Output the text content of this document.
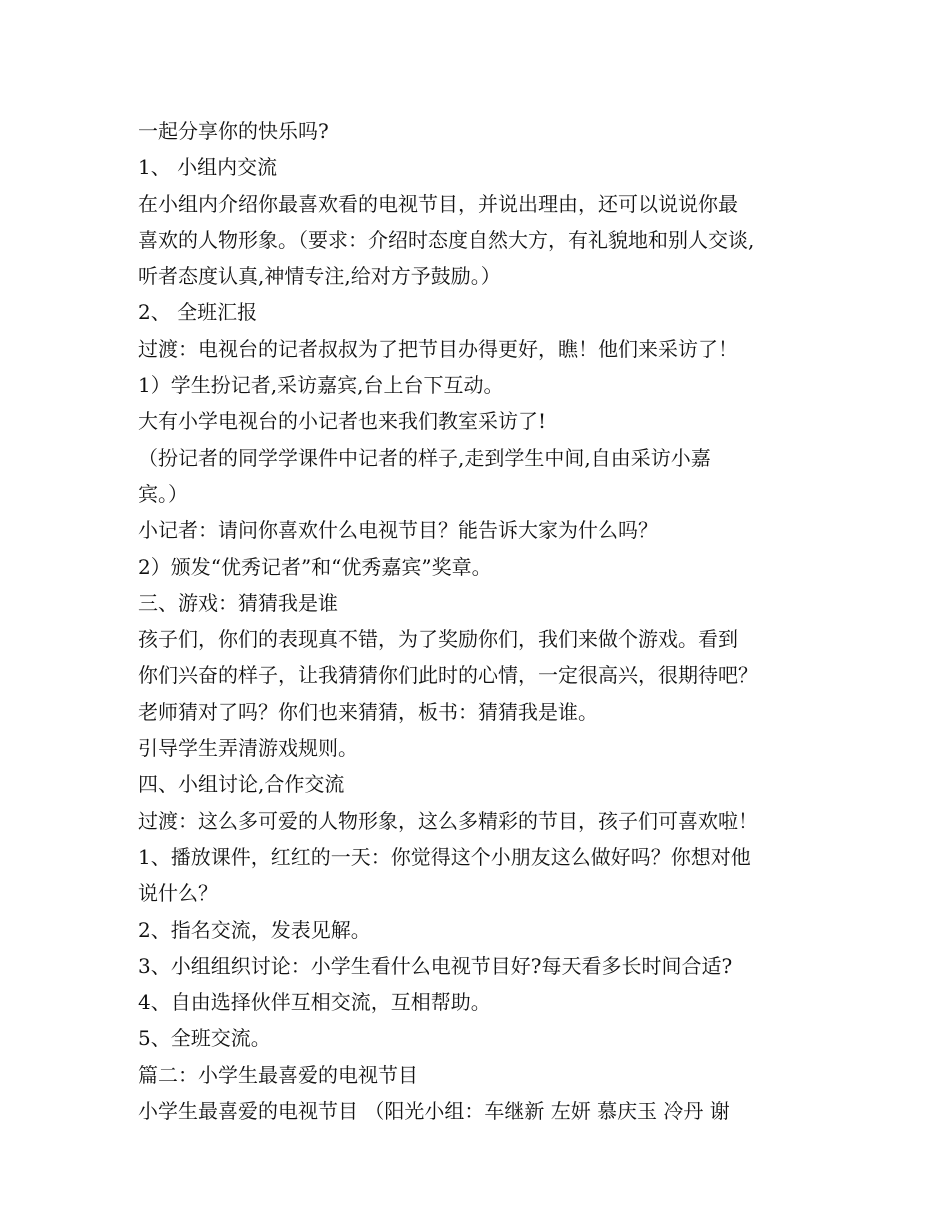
一起分享你的快乐吗?
1、 小组内交流
在小组内介绍你最喜欢看的电视节目，并说出理由，还可以说说你最
喜欢的人物形象。（要求：介绍时态度自然大方，有礼貌地和别人交谈,
听者态度认真,神情专注,给对方予鼓励。）
2、 全班汇报
过渡：电视台的记者叔叔为了把节目办得更好，瞧！他们来采访了！
1）学生扮记者,采访嘉宾,台上台下互动。
大有小学电视台的小记者也来我们教室采访了!
（扮记者的同学学课件中记者的样子,走到学生中间,自由采访小嘉
宾。）
小记者：请问你喜欢什么电视节目？能告诉大家为什么吗？
2）颁发“优秀记者”和“优秀嘉宾”奖章。
三、游戏：猜猜我是谁
孩子们，你们的表现真不错，为了奖励你们，我们来做个游戏。看到
你们兴奋的样子，让我猜猜你们此时的心情，一定很高兴，很期待吧？
老师猜对了吗？你们也来猜猜，板书：猜猜我是谁。
引导学生弄清游戏规则。
四、小组讨论,合作交流
过渡：这么多可爱的人物形象，这么多精彩的节目，孩子们可喜欢啦！
1、播放课件，红红的一天：你觉得这个小朋友这么做好吗？你想对他
说什么？
2、指名交流，发表见解。
3、小组组织讨论：小学生看什么电视节目好?每天看多长时间合适?
4、自由选择伙伴互相交流，互相帮助。
5、全班交流。
篇二：小学生最喜爱的电视节目
小学生最喜爱的电视节目 （阳光小组：车继新 左妍 慕庆玉 冷丹 谢
